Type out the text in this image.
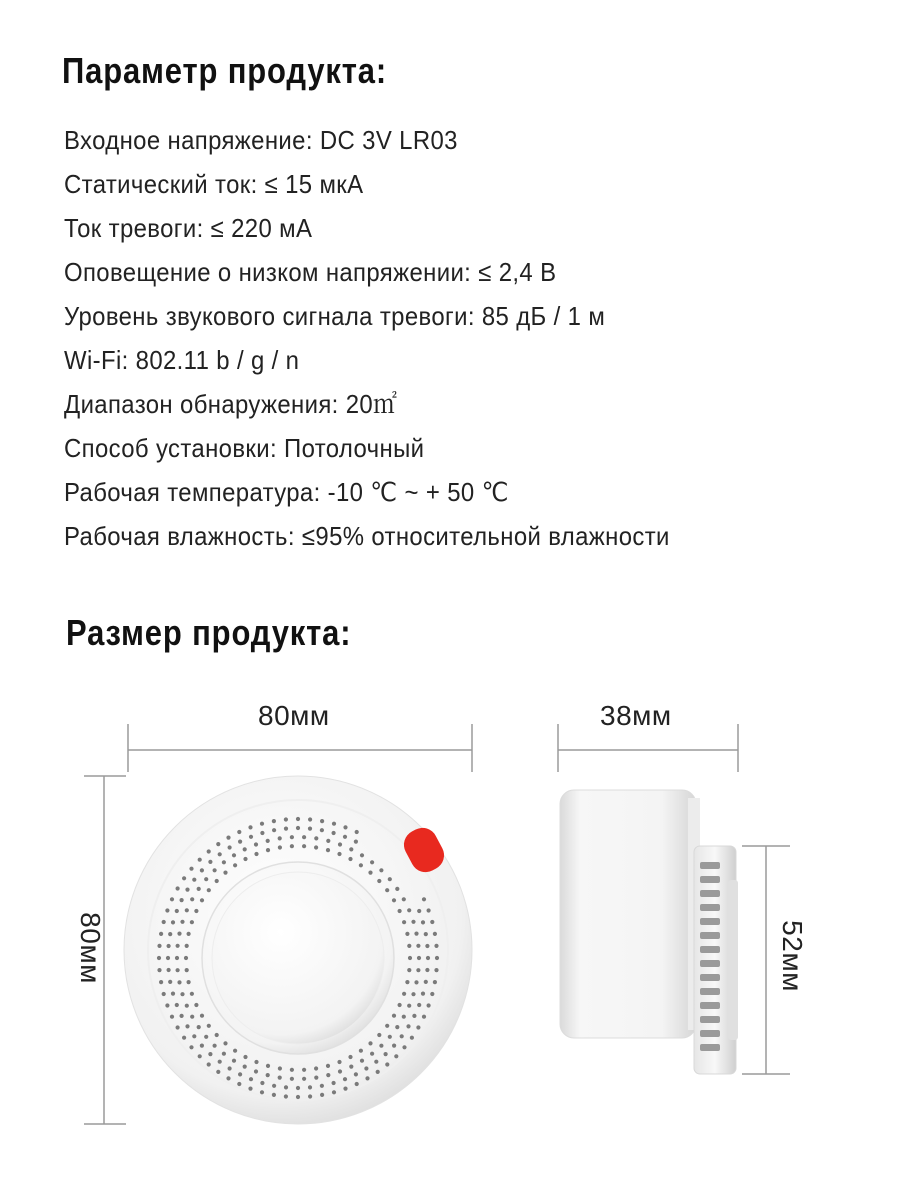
Параметр продукта:
Входное напряжение: DC 3V LR03
Статический ток: ≤ 15 мкА
Ток тревоги: ≤ 220 мА
Оповещение о низком напряжении: ≤ 2,4 В
Уровень звукового сигнала тревоги: 85 дБ / 1 м
Wi-Fi: 802.11 b / g / n
Диапазон обнаружения: 20㎡
Способ установки: Потолочный
Рабочая температура: -10 ℃ ~ + 50 ℃
Рабочая влажность: ≤95% относительной влажности
Размер продукта:
80мм	38мм
80мм	52мм
